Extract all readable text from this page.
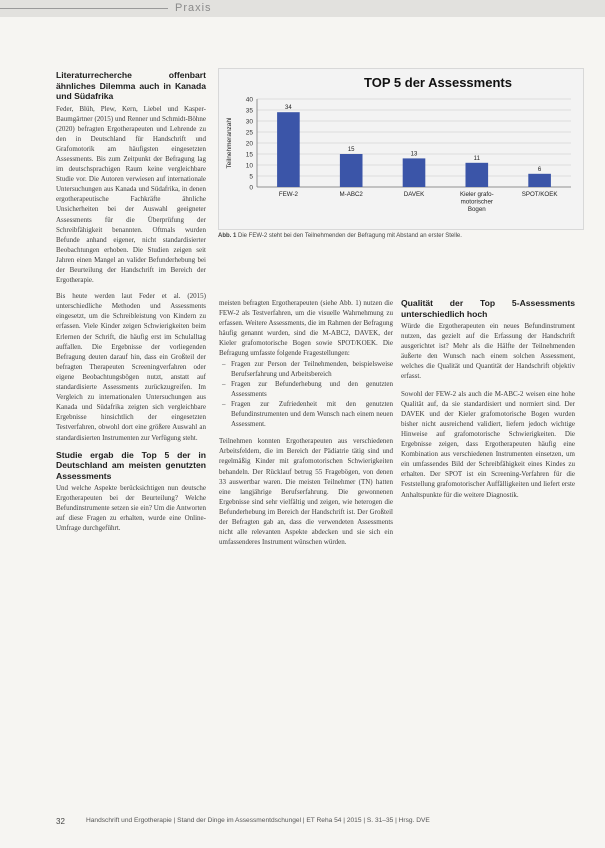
Praxis
Literaturrecherche offenbart ähnliches Dilemma auch in Kanada und Südafrika

Feder, Blüh, Plew, Kern, Liebel und Kasper-Baumgärtner (2015) und Renner und Schmidt-Böhne (2020) befragten Ergotherapeuten und Lehrende zu den in Deutschland für Handschrift und Grafomotorik am häufigsten eingesetzten Assessments. Bis zum Zeitpunkt der Befragung lag im deutschsprachigen Raum keine vergleichbare Studie vor. Die Autoren verwiesen auf internationale Untersuchungen aus Kanada und Südafrika, in denen ergotherapeutische Fachkräfte ähnliche Unsicherheiten bei der Auswahl geeigneter Assessments für die Überprüfung der Schreibfähigkeit benannten. Oftmals wurden Befunde anhand eigener, nicht standardisierter Beobachtungen erhoben. Die Studien zeigen seit Jahren einen Mangel an valider Befunderhebung bei der Beurteilung der Handschrift im Bereich der Ergotherapie.

Bis heute werden laut Feder et al. (2015) unterschiedliche Methoden und Assessments eingesetzt, um die Schreibleistung von Kindern zu erfassen. Viele Kinder zeigen Schwierigkeiten beim Erlernen der Schrift, die häufig erst im Schulalltag auffallen. Die Ergebnisse der vorliegenden Befragung deuten darauf hin, dass ein Großteil der befragten Therapeuten Screeningverfahren oder eigene Beobachtungsbögen nutzt, anstatt auf standardisierte Assessments zurückzugreifen. Im Vergleich zu internationalen Untersuchungen aus Kanada und Südafrika zeigten sich vergleichbare Ergebnisse hinsichtlich der eingesetzten Testverfahren, obwohl dort eine größere Auswahl an standardisierten Instrumenten zur Verfügung steht.

Studie ergab die Top 5 der in Deutschland am meisten genutzten Assessments

Und welche Aspekte berücksichtigen nun deutsche Ergotherapeuten bei der Beurteilung? Welche Befundinstrumente setzen sie ein? Um die Antworten auf diese Fragen zu erhalten, wurde eine Online-Umfrage durchgeführt.

TOP 5 der Assessments
0
5
10
15
20
25
30
35
40
Teilnehmeranzahl
34
FEW-2
15
M-ABC2
13
DAVEK
11
Kieler grafo-
motorischer
Bogen
6
SPOT/KOEK
Abb. 1 Die FEW-2 steht bei den Teilnehmenden der Befragung mit Abstand an erster Stelle.

meisten befragten Ergotherapeuten (siehe Abb. 1) nutzen die FEW-2 als Testverfahren, um die visuelle Wahrnehmung zu erfassen. Weitere Assessments, die im Rahmen der Befragung häufig genannt wurden, sind die M-ABC2, DAVEK, der Kieler grafomotorische Bogen sowie SPOT/KOEK. Die Befragung umfasste folgende Fragestellungen:

– Fragen zur Person der Teilnehmenden, beispielsweise Berufserfahrung und Arbeitsbereich
– Fragen zur Befunderhebung und den genutzten Assessments
– Fragen zur Zufriedenheit mit den genutzten Befundinstrumenten und dem Wunsch nach einem neuen Assessment.

Teilnehmen konnten Ergotherapeuten aus verschiedenen Arbeitsfeldern, die im Bereich der Pädiatrie tätig sind und regelmäßig Kinder mit grafomotorischen Schwierigkeiten behandeln. Der Rücklauf betrug 55 Fragebögen, von denen 33 auswertbar waren. Die meisten Teilnehmer (TN) hatten eine langjährige Berufserfahrung. Die gewonnenen Ergebnisse sind sehr vielfältig und zeigen, wie heterogen die Befunderhebung im Bereich der Handschrift ist. Der Großteil der Befragten gab an, dass die verwendeten Assessments nicht alle relevanten Aspekte abdecken und sie sich ein umfassenderes Instrument wünschen würden.

Qualität der Top 5-Assessments unterschiedlich hoch

Würde die Ergotherapeuten ein neues Befundinstrument nutzen, das gezielt auf die Erfassung der Handschrift ausgerichtet ist? Mehr als die Hälfte der Teilnehmenden äußerte den Wunsch nach einem solchen Assessment, welches die Qualität und Quantität der Handschrift objektiv erfasst.

Sowohl der FEW-2 als auch die M-ABC-2 weisen eine hohe Qualität auf, da sie standardisiert und normiert sind. Der DAVEK und der Kieler grafomotorische Bogen wurden bisher nicht ausreichend validiert, liefern jedoch wichtige Hinweise auf grafomotorische Schwierigkeiten. Die Ergebnisse zeigen, dass Ergotherapeuten häufig eine Kombination aus verschiedenen Instrumenten einsetzen, um ein umfassendes Bild der Schreibfähigkeit eines Kindes zu erhalten. Der SPOT ist ein Screening-Verfahren für die Feststellung grafomotorischer Auffälligkeiten und liefert erste Anhaltspunkte für die weitere Diagnostik.

32	Handschrift und Ergotherapie | Stand der Dinge im Assessmentdschungel | ET Reha 54 | 2015 | S. 31–35 | Hrsg. DVE
